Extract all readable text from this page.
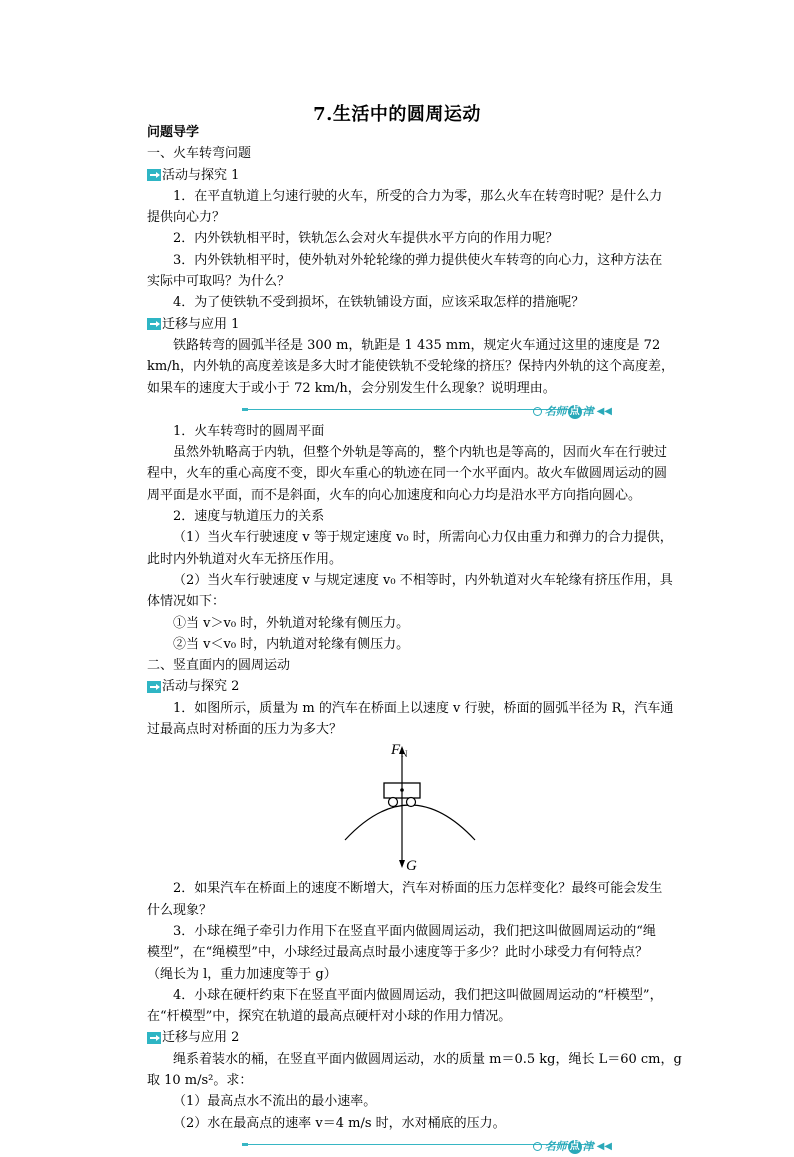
7.生活中的圆周运动
问题导学
一、火车转弯问题
活动与探究 1
1．在平直轨道上匀速行驶的火车，所受的合力为零，那么火车在转弯时呢？是什么力
提供向心力？
2．内外铁轨相平时，铁轨怎么会对火车提供水平方向的作用力呢？
3．内外铁轨相平时，使外轨对外轮轮缘的弹力提供使火车转弯的向心力，这种方法在
实际中可取吗？为什么？
4．为了使铁轨不受到损坏，在铁轨铺设方面，应该采取怎样的措施呢？
迁移与应用 1
铁路转弯的圆弧半径是 300 m，轨距是 1 435 mm，规定火车通过这里的速度是 72
km/h，内外轨的高度差该是多大时才能使铁轨不受轮缘的挤压？保持内外轨的这个高度差，
如果车的速度大于或小于 72 km/h，会分别发生什么现象？说明理由。
名 师 点 津 ◀◀
1．火车转弯时的圆周平面
虽然外轨略高于内轨，但整个外轨是等高的，整个内轨也是等高的，因而火车在行驶过
程中，火车的重心高度不变，即火车重心的轨迹在同一个水平面内。故火车做圆周运动的圆
周平面是水平面，而不是斜面，火车的向心加速度和向心力均是沿水平方向指向圆心。
2．速度与轨道压力的关系
（1）当火车行驶速度 v 等于规定速度 v₀ 时，所需向心力仅由重力和弹力的合力提供，
此时内外轨道对火车无挤压作用。
（2）当火车行驶速度 v 与规定速度 v₀ 不相等时，内外轨道对火车轮缘有挤压作用，具
体情况如下：
①当 v＞v₀ 时，外轨道对轮缘有侧压力。
②当 v＜v₀ 时，内轨道对轮缘有侧压力。
二、竖直面内的圆周运动
活动与探究 2
1．如图所示，质量为 m 的汽车在桥面上以速度 v 行驶，桥面的圆弧半径为 R，汽车通
过最高点时对桥面的压力为多大？
F N
G
2．如果汽车在桥面上的速度不断增大，汽车对桥面的压力怎样变化？最终可能会发生
什么现象？
3．小球在绳子牵引力作用下在竖直平面内做圆周运动，我们把这叫做圆周运动的“绳
模型”，在“绳模型”中，小球经过最高点时最小速度等于多少？此时小球受力有何特点？
（绳长为 l，重力加速度等于 g）
4．小球在硬杆约束下在竖直平面内做圆周运动，我们把这叫做圆周运动的“杆模型”，
在“杆模型”中，探究在轨道的最高点硬杆对小球的作用力情况。
迁移与应用 2
绳系着装水的桶，在竖直平面内做圆周运动，水的质量 m＝0.5 kg，绳长 L＝60 cm，g
取 10 m/s²。求：
（1）最高点水不流出的最小速率。
（2）水在最高点的速率 v＝4 m/s 时，水对桶底的压力。
名 师 点 津 ◀◀
